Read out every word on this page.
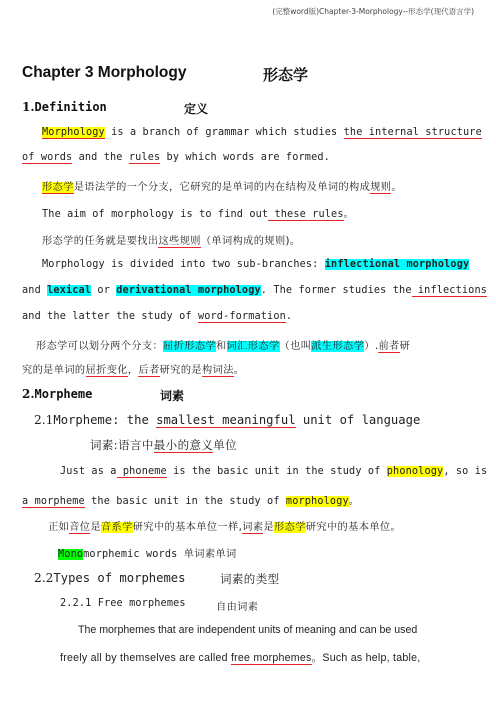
(完整word版)Chapter-3-Morphology--形态学(现代语言学)
Chapter 3 Morphology	形态学
1.Definition	定义
Morphology is a branch of grammar which studies the internal structure
of words and the rules by which words are formed.
形态学是语法学的一个分支，它研究的是单词的内在结构及单词的构成规则。
The aim of morphology is to find out these rules。
形态学的任务就是要找出这些规则（单词构成的规则)。
Morphology is divided into two sub-branches: inflectional morphology
and lexical or derivational morphology. The former studies the inflections
and the latter the study of word-formation.
形态学可以划分两个分支：屈折形态学和词汇形态学（也叫派生形态学）.前者研
究的是单词的屈折变化，后者研究的是构词法。
2.Morpheme	词素
2.1Morpheme: the smallest meaningful unit of language
词素:语言中最小的意义单位
Just as a phoneme is the basic unit in the study of phonology, so is
a morpheme the basic unit in the study of morphology。
正如音位是音系学研究中的基本单位一样,词素是形态学研究中的基本单位。
Monomorphemic words 单词素单词
2.2Types of morphemes	词素的类型
2.2.1 Free morphemes	自由词素
The morphemes that are independent units of meaning and can be used
freely all by themselves are called free morphemes。Such as help, table,
